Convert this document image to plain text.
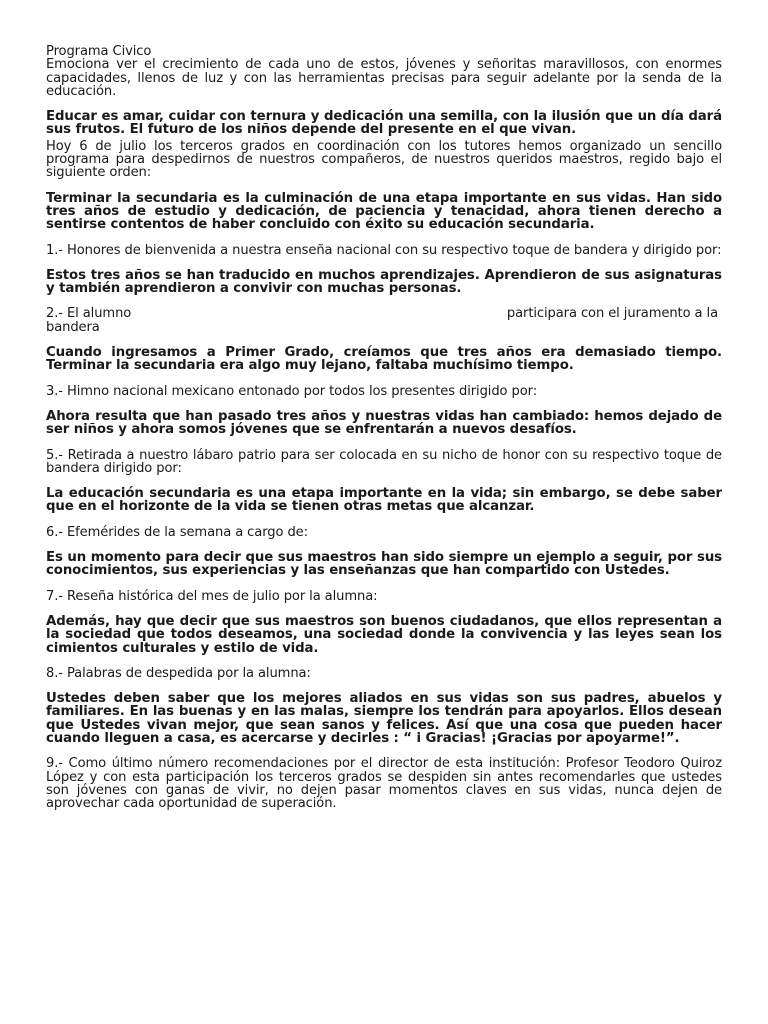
Programa Civico

Emociona ver el crecimiento de cada uno de estos, jóvenes y señoritas maravillosos, con enormes capacidades, llenos de luz y con las herramientas precisas para seguir adelante por la senda de la educación.

Educar es amar, cuidar con ternura y dedicación una semilla, con la ilusión que un día dará sus frutos. El futuro de los niños depende del presente en el que vivan.

Hoy 6 de julio los terceros grados en coordinación con los tutores hemos organizado un sencillo programa para despedirnos de nuestros compañeros, de nuestros queridos maestros, regido bajo el siguiente orden:

Terminar la secundaria es la culminación de una etapa importante en sus vidas. Han sido tres años de estudio y dedicación, de paciencia y tenacidad, ahora tienen derecho a sentirse contentos de haber concluido con éxito su educación secundaria.

1.- Honores de bienvenida a nuestra enseña nacional con su respectivo toque de bandera y dirigido por:

Estos tres años se han traducido en muchos aprendizajes. Aprendieron de sus asignaturas y también aprendieron a convivir con muchas personas.

2.- El alumno	participara con el juramento a la

bandera

Cuando ingresamos a Primer Grado, creíamos que tres años era demasiado tiempo. Terminar la secundaria era algo muy lejano, faltaba muchísimo tiempo.

3.- Himno nacional mexicano entonado por todos los presentes dirigido por:

Ahora resulta que han pasado tres años y nuestras vidas han cambiado: hemos dejado de ser niños y ahora somos jóvenes que se enfrentarán a nuevos desafíos.

5.- Retirada a nuestro lábaro patrio para ser colocada en su nicho de honor con su respectivo toque de bandera dirigido por:

La educación secundaria es una etapa importante en la vida; sin embargo, se debe saber que en el horizonte de la vida se tienen otras metas que alcanzar.

6.- Efemérides de la semana a cargo de:

Es un momento para decir que sus maestros han sido siempre un ejemplo a seguir, por sus conocimientos, sus experiencias y las enseñanzas que han compartido con Ustedes.

7.- Reseña histórica del mes de julio por la alumna:

Además, hay que decir que sus maestros son buenos ciudadanos, que ellos representan a la sociedad que todos deseamos, una sociedad donde la convivencia y las leyes sean los cimientos culturales y estilo de vida.

8.- Palabras de despedida por la alumna:

Ustedes deben saber que los mejores aliados en sus vidas son sus padres, abuelos y familiares. En las buenas y en las malas, siempre los tendrán para apoyarlos. Ellos desean que Ustedes vivan mejor, que sean sanos y felices. Así que una cosa que pueden hacer cuando lleguen a casa, es acercarse y decirles : “ i Gracias! ¡Gracias por apoyarme!”.

9.- Como último número recomendaciones por el director de esta institución: Profesor Teodoro Quiroz López y con esta participación los terceros grados se despiden sin antes recomendarles que ustedes son jóvenes con ganas de vivir, no dejen pasar momentos claves en sus vidas, nunca dejen de aprovechar cada oportunidad de superación.
